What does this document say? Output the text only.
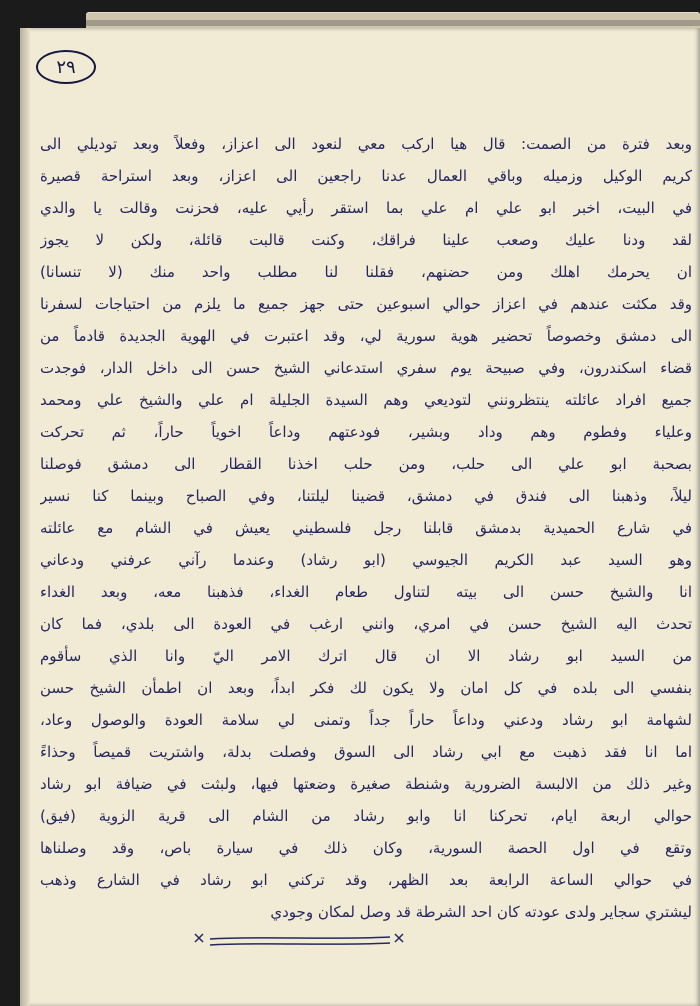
٢٩
وبعد فترة من الصمت: قال هيا اركب معي لنعود الى اعزاز، وفعلاً وبعد توديلي الى
كريم الوكيل وزميله وباقي العمال عدنا راجعين الى اعزاز، وبعد استراحة قصيرة
في البيت، اخبر ابو علي ام علي بما استقر رأيي عليه، فحزنت وقالت يا والدي
لقد ودنا عليك وصعب علينا فراقك، وكنت قالبت قائلة، ولكن لا يجوز
ان يحرمك اهلك ومن حضنهم، فقلنا لنا مطلب واحد منك (لا تنسانا)
وقد مكثت عندهم في اعزاز حوالي اسبوعين حتى جهز جميع ما يلزم من احتياجات لسفرنا
الى دمشق وخصوصاً تحضير هوية سورية لي، وقد اعتبرت في الهوية الجديدة قادماً من
قضاء اسكندرون، وفي صبيحة يوم سفري استدعاني الشيخ حسن الى داخل الدار، فوجدت
جميع افراد عائلته ينتظرونني لتوديعي وهم السيدة الجليلة ام علي والشيخ علي ومحمد
وعلياء وفطوم وهم وداد وبشير، فودعتهم وداعاً اخوياً حاراً، ثم تحركت
بصحبة ابو علي الى حلب، ومن حلب اخذنا القطار الى دمشق فوصلنا
ليلاً، وذهبنا الى فندق في دمشق، قضينا ليلتنا، وفي الصباح وبينما كنا نسير
في شارع الحميدية بدمشق قابلنا رجل فلسطيني يعيش في الشام مع عائلته
وهو السيد عبد الكريم الجيوسي (ابو رشاد) وعندما رآني عرفني ودعاني
انا والشيخ حسن الى بيته لتناول طعام الغداء، فذهبنا معه، وبعد الغداء
تحدث اليه الشيخ حسن في امري، وانني ارغب في العودة الى بلدي، فما كان
من السيد ابو رشاد الا ان قال اترك الامر اليّ وانا الذي سأقوم
بنفسي الى بلده في كل امان ولا يكون لك فكر ابداً، وبعد ان اطمأن الشيخ حسن
لشهامة ابو رشاد ودعني وداعاً حاراً جداً وتمنى لي سلامة العودة والوصول وعاد،
اما انا فقد ذهبت مع ابي رشاد الى السوق وفصلت بدلة، واشتريت قميصاً وحذاءً
وغير ذلك من الالبسة الضرورية وشنطة صغيرة وضعتها فيها، ولبثت في ضيافة ابو رشاد
حوالي اربعة ايام، تحركنا انا وابو رشاد من الشام الى قرية الزوية (فيق)
وتقع في اول الحصة السورية، وكان ذلك في سيارة باص، وقد وصلناها
في حوالي الساعة الرابعة بعد الظهر، وقد تركني ابو رشاد في الشارع وذهب
ليشتري سجاير ولدى عودته كان احد الشرطة قد وصل لمكان وجودي
